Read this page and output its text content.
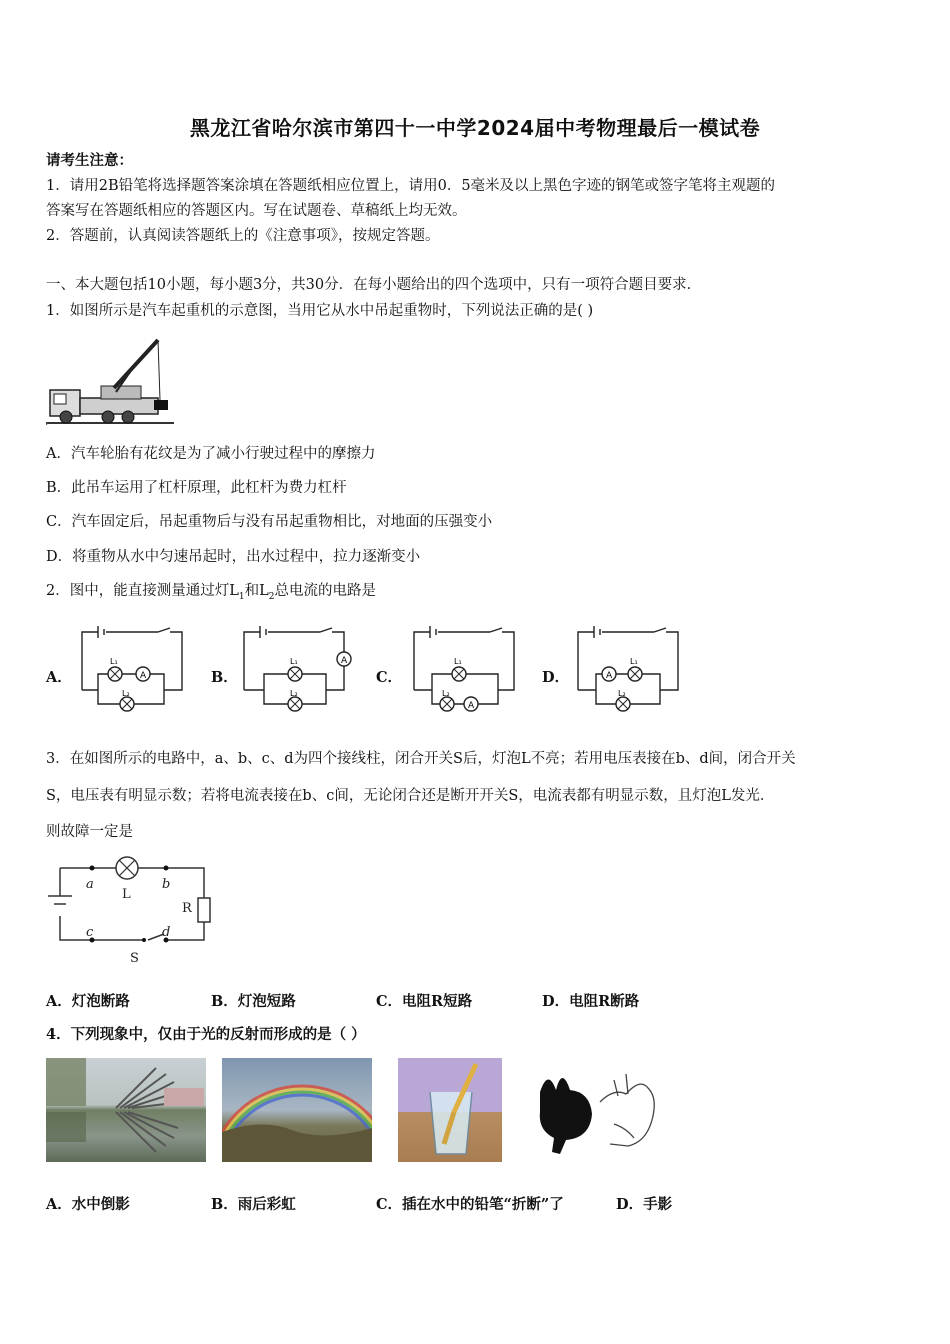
黑龙江省哈尔滨市第四十一中学2024届中考物理最后一模试卷
请考生注意：
1．请用2B铅笔将选择题答案涂填在答题纸相应位置上，请用0．5毫米及以上黑色字迹的钢笔或签字笔将主观题的
答案写在答题纸相应的答题区内。写在试题卷、草稿纸上均无效。
2．答题前，认真阅读答题纸上的《注意事项》，按规定答题。
一、本大题包括10小题，每小题3分，共30分．在每小题给出的四个选项中，只有一项符合题目要求．
1．如图所示是汽车起重机的示意图，当用它从水中吊起重物时，下列说法正确的是( )
A．汽车轮胎有花纹是为了减小行驶过程中的摩擦力
B．此吊车运用了杠杆原理，此杠杆为费力杠杆
C．汽车固定后，吊起重物后与没有吊起重物相比，对地面的压强变小
D．将重物从水中匀速吊起时，出水过程中，拉力逐渐变小
2．图中，能直接测量通过灯$L_1$和$L_2$总电流的电路是
A．	B．	C．	D．
A
L₁
L₂
A
L₁
L₂
A
L₁
L₂
A
L₁
L₂
3．在如图所示的电路中，a、b、c、d为四个接线柱，闭合开关S后，灯泡L不亮；若用电压表接在b、d间，闭合开关
S，电压表有明显示数；若将电流表接在b、c间，无论闭合还是断开开关S，电流表都有明显示数，且灯泡L发光．
则故障一定是
a	b
c	d
L
R
S
A．灯泡断路	B．灯泡短路	C．电阻R短路	D．电阻R断路
4．下列现象中，仅由于光的反射而形成的是（ ）
A．水中倒影	B．雨后彩虹	C．插在水中的铅笔“折断”了	D．手影
